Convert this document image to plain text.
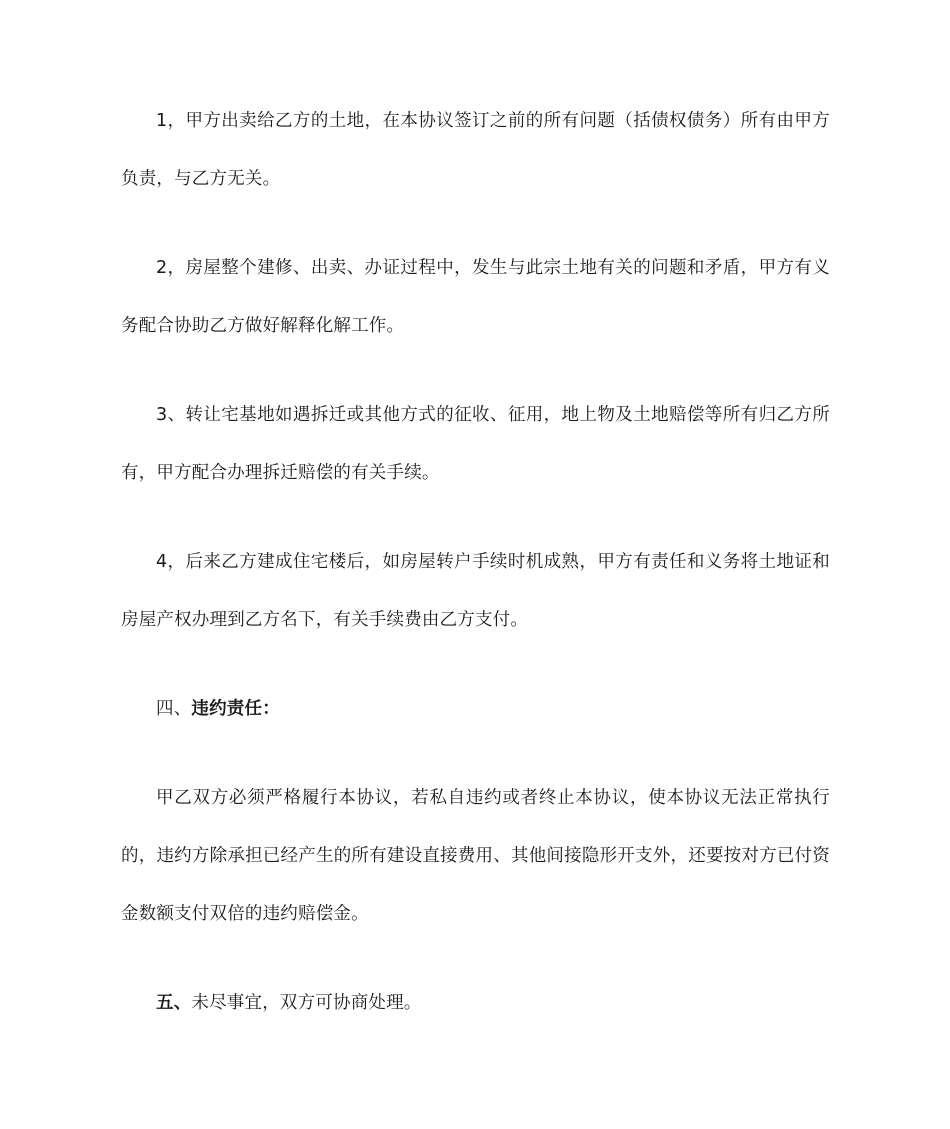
1，甲方出卖给乙方的土地，在本协议签订之前的所有问题（括债权债务）所有由甲方负责，与乙方无关。

2，房屋整个建修、出卖、办证过程中，发生与此宗土地有关的问题和矛盾，甲方有义务配合协助乙方做好解释化解工作。

3、转让宅基地如遇拆迁或其他方式的征收、征用，地上物及土地赔偿等所有归乙方所有，甲方配合办理拆迁赔偿的有关手续。

4，后来乙方建成住宅楼后，如房屋转户手续时机成熟，甲方有责任和义务将土地证和房屋产权办理到乙方名下，有关手续费由乙方支付。

四、违约责任：

甲乙双方必须严格履行本协议，若私自违约或者终止本协议，使本协议无法正常执行的，违约方除承担已经产生的所有建设直接费用、其他间接隐形开支外，还要按对方已付资金数额支付双倍的违约赔偿金。

五、未尽事宜，双方可协商处理。
